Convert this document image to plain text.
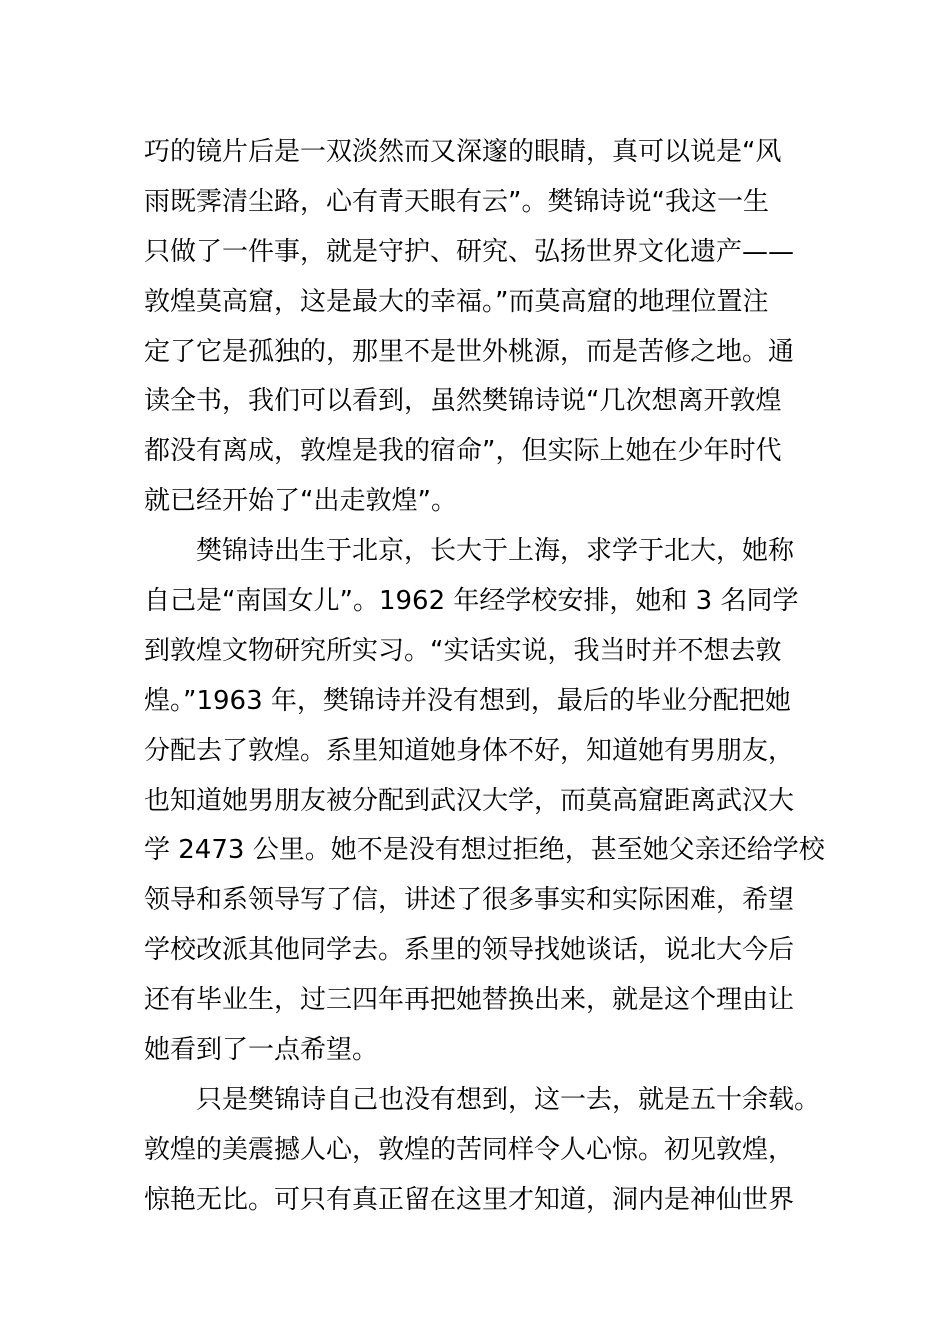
巧的镜片后是一双淡然而又深邃的眼睛，真可以说是“风
雨既霁清尘路，心有青天眼有云”。樊锦诗说“我这一生
只做了一件事，就是守护、研究、弘扬世界文化遗产——
敦煌莫高窟，这是最大的幸福。”而莫高窟的地理位置注
定了它是孤独的，那里不是世外桃源，而是苦修之地。通
读全书，我们可以看到，虽然樊锦诗说“几次想离开敦煌
都没有离成，敦煌是我的宿命”，但实际上她在少年时代
就已经开始了“出走敦煌”。
　　樊锦诗出生于北京，长大于上海，求学于北大，她称
自己是“南国女儿”。1962 年经学校安排，她和 3 名同学
到敦煌文物研究所实习。“实话实说，我当时并不想去敦
煌。”1963 年，樊锦诗并没有想到，最后的毕业分配把她
分配去了敦煌。系里知道她身体不好，知道她有男朋友，
也知道她男朋友被分配到武汉大学，而莫高窟距离武汉大
学 2473 公里。她不是没有想过拒绝，甚至她父亲还给学校
领导和系领导写了信，讲述了很多事实和实际困难，希望
学校改派其他同学去。系里的领导找她谈话，说北大今后
还有毕业生，过三四年再把她替换出来，就是这个理由让
她看到了一点希望。
　　只是樊锦诗自己也没有想到，这一去，就是五十余载。
敦煌的美震撼人心，敦煌的苦同样令人心惊。初见敦煌，
惊艳无比。可只有真正留在这里才知道，洞内是神仙世界
